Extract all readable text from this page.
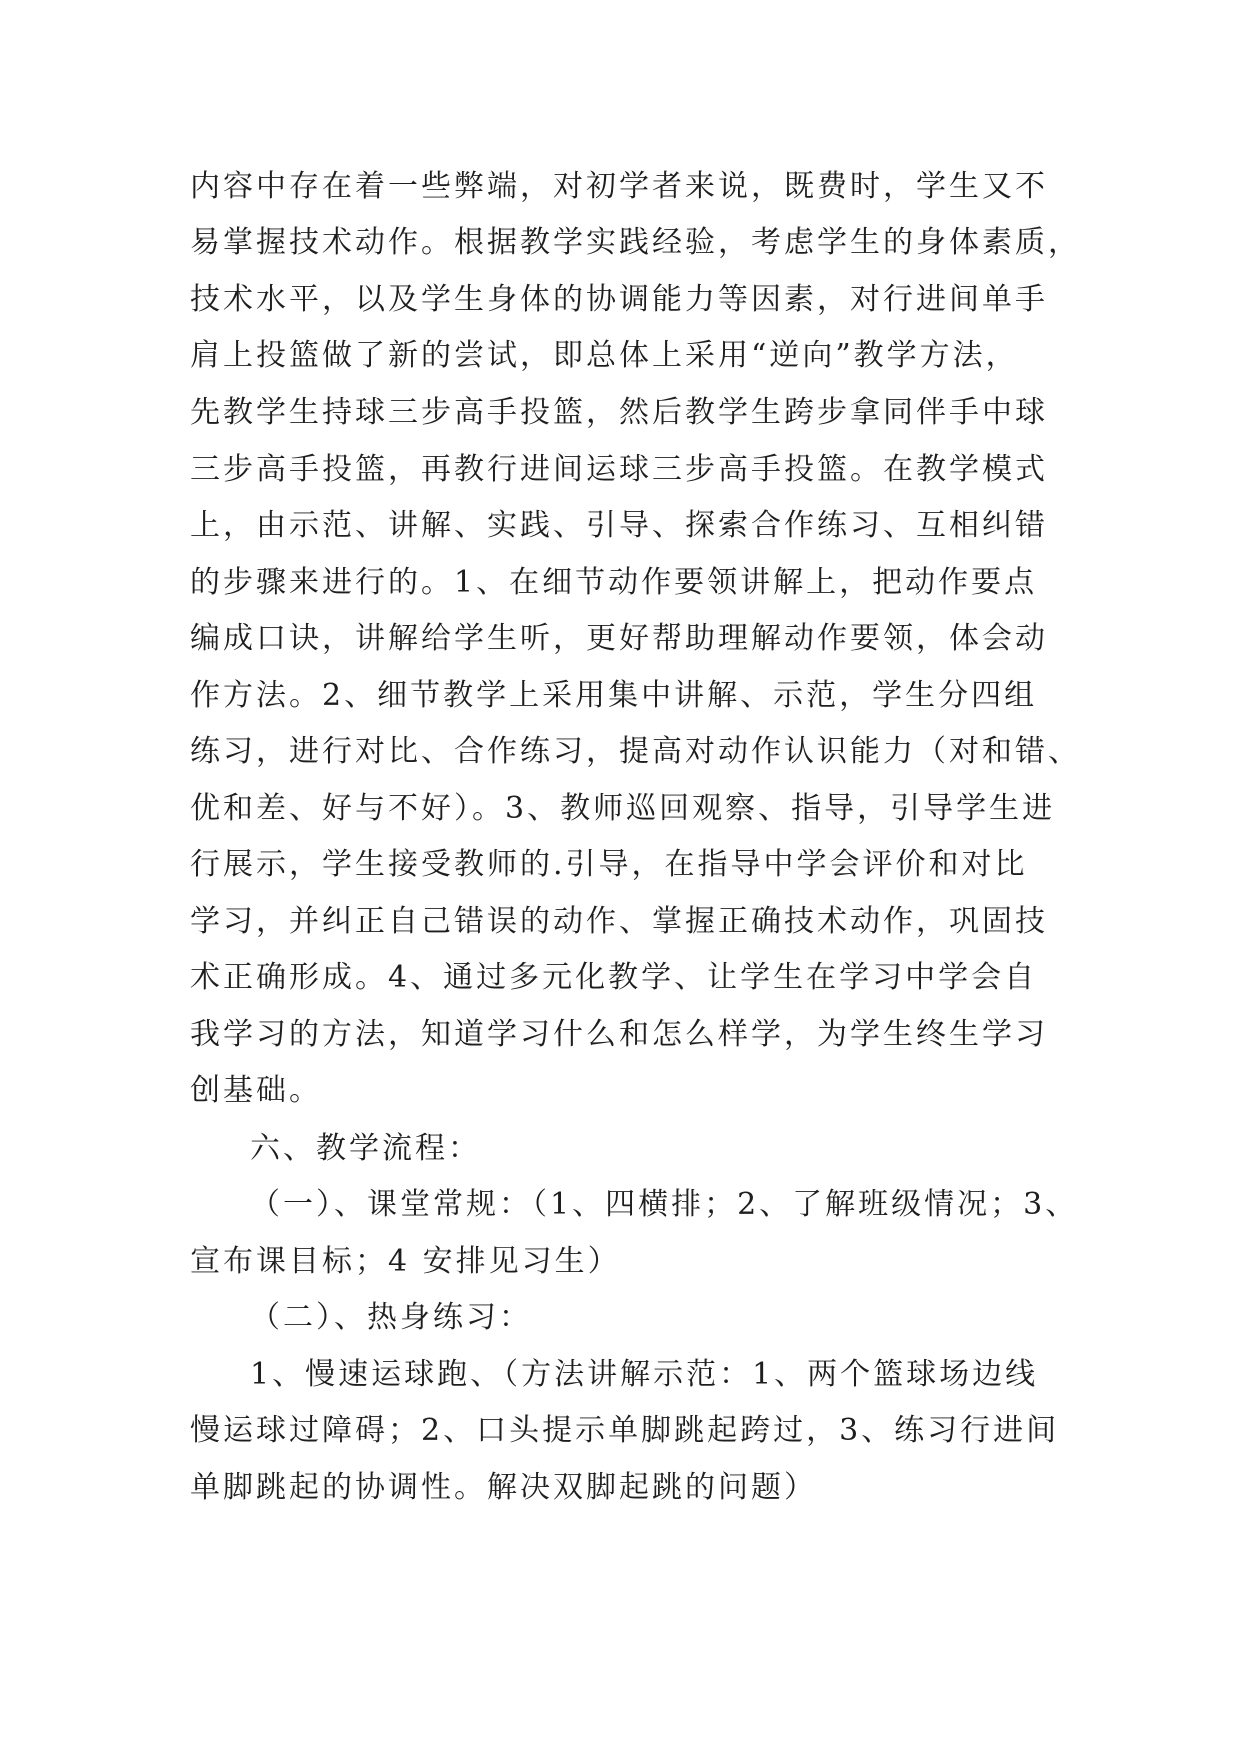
内容中存在着一些弊端，对初学者来说，既费时，学生又不
易掌握技术动作。根据教学实践经验，考虑学生的身体素质，
技术水平，以及学生身体的协调能力等因素，对行进间单手
肩上投篮做了新的尝试，即总体上采用“逆向”教学方法，
先教学生持球三步高手投篮，然后教学生跨步拿同伴手中球
三步高手投篮，再教行进间运球三步高手投篮。在教学模式
上，由示范、讲解、实践、引导、探索合作练习、互相纠错
的步骤来进行的。1、在细节动作要领讲解上，把动作要点
编成口诀，讲解给学生听，更好帮助理解动作要领，体会动
作方法。2、细节教学上采用集中讲解、示范，学生分四组
练习，进行对比、合作练习，提高对动作认识能力（对和错、
优和差、好与不好）。3、教师巡回观察、指导，引导学生进
行展示，学生接受教师的.引导，在指导中学会评价和对比
学习，并纠正自己错误的动作、掌握正确技术动作，巩固技
术正确形成。4、通过多元化教学、让学生在学习中学会自
我学习的方法，知道学习什么和怎么样学，为学生终生学习
创基础。
六、教学流程：
（一）、课堂常规：（1、四横排；2、了解班级情况；3、
宣布课目标；4 安排见习生）
（二）、热身练习：
1、慢速运球跑、（方法讲解示范：1、两个篮球场边线
慢运球过障碍；2、口头提示单脚跳起跨过，3、练习行进间
单脚跳起的协调性。解决双脚起跳的问题）
